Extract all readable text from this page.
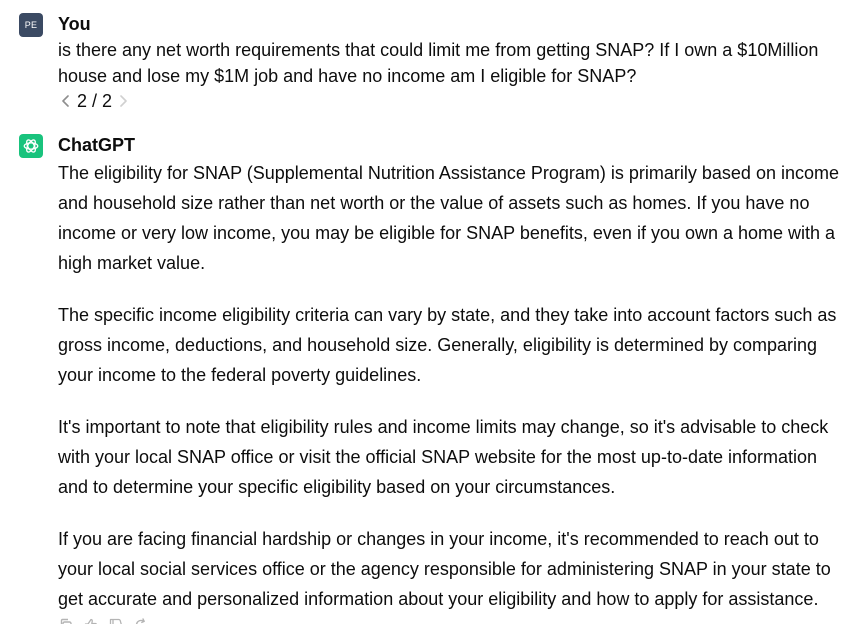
PE You

is there any net worth requirements that could limit me from getting SNAP? If I own a $10Million house and lose my $1M job and have no income am I eligible for SNAP?

2 / 2
ChatGPT

The eligibility for SNAP (Supplemental Nutrition Assistance Program) is primarily based on income and household size rather than net worth or the value of assets such as homes. If you have no income or very low income, you may be eligible for SNAP benefits, even if you own a home with a high market value.

The specific income eligibility criteria can vary by state, and they take into account factors such as gross income, deductions, and household size. Generally, eligibility is determined by comparing your income to the federal poverty guidelines.

It's important to note that eligibility rules and income limits may change, so it's advisable to check with your local SNAP office or visit the official SNAP website for the most up-to-date information and to determine your specific eligibility based on your circumstances.

If you are facing financial hardship or changes in your income, it's recommended to reach out to your local social services office or the agency responsible for administering SNAP in your state to get accurate and personalized information about your eligibility and how to apply for assistance.
